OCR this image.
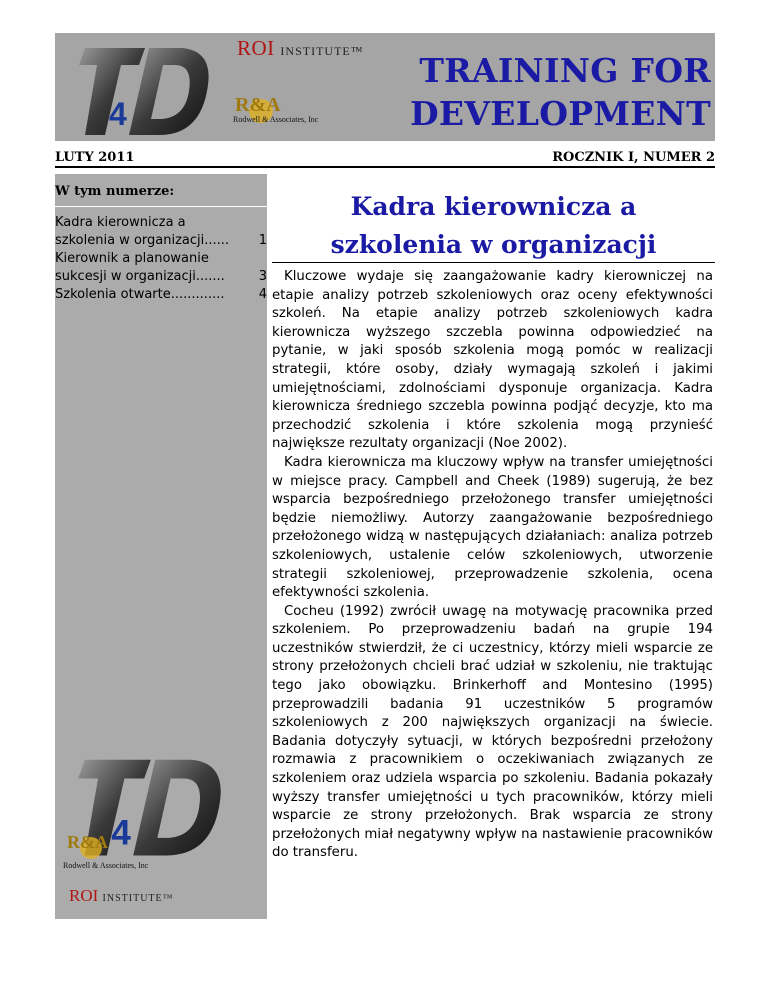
4
ROI INSTITUTE™
R&A
Rodwell & Associates, Inc
TRAINING FOR
DEVELOPMENT
LUTY 2011	ROCZNIK I, NUMER 2
W tym numerze:
Kadra kierownicza a
szkolenia w organizacji ......	1
Kierownik a planowanie
sukcesji w organizacji .......	3
Szkolenia otwarte .............	4
4
R&A
Rodwell & Associates, Inc
ROI INSTITUTE™
Kadra kierownicza a
szkolenia w organizacji

Kluczowe wydaje się zaangażowanie kadry kierowniczej na etapie analizy potrzeb szkoleniowych oraz oceny efektywności szkoleń. Na etapie analizy potrzeb szkoleniowych kadra kierownicza wyższego szczebla powinna odpowiedzieć na pytanie, w jaki sposób szkolenia mogą pomóc w realizacji strategii, które osoby, działy wymagają szkoleń i jakimi umiejętnościami, zdolnościami dysponuje organizacja. Kadra kierownicza średniego szczebla powinna podjąć decyzje, kto ma przechodzić szkolenia i które szkolenia mogą przynieść największe rezultaty organizacji (Noe 2002).

Kadra kierownicza ma kluczowy wpływ na transfer umiejętności w miejsce pracy. Campbell and Cheek (1989) sugerują, że bez wsparcia bezpośredniego przełożonego transfer umiejętności będzie niemożliwy. Autorzy zaangażowanie bezpośredniego przełożonego widzą w następujących działaniach: analiza potrzeb szkoleniowych, ustalenie celów szkoleniowych, utworzenie strategii szkoleniowej, przeprowadzenie szkolenia, ocena efektywności szkolenia.

Cocheu (1992) zwrócił uwagę na motywację pracownika przed szkoleniem. Po przeprowadzeniu badań na grupie 194 uczestników stwierdził, że ci uczestnicy, którzy mieli wsparcie ze strony przełożonych chcieli brać udział w szkoleniu, nie traktując tego jako obowiązku. Brinkerhoff and Montesino (1995) przeprowadzili badania 91 uczestników 5 programów szkoleniowych z 200 największych organizacji na świecie. Badania dotyczyły sytuacji, w których bezpośredni przełożony rozmawia z pracownikiem o oczekiwaniach związanych ze szkoleniem oraz udziela wsparcia po szkoleniu. Badania pokazały wyższy transfer umiejętności u tych pracowników, którzy mieli wsparcie ze strony przełożonych. Brak wsparcia ze strony przełożonych miał negatywny wpływ na nastawienie pracowników do transferu.
